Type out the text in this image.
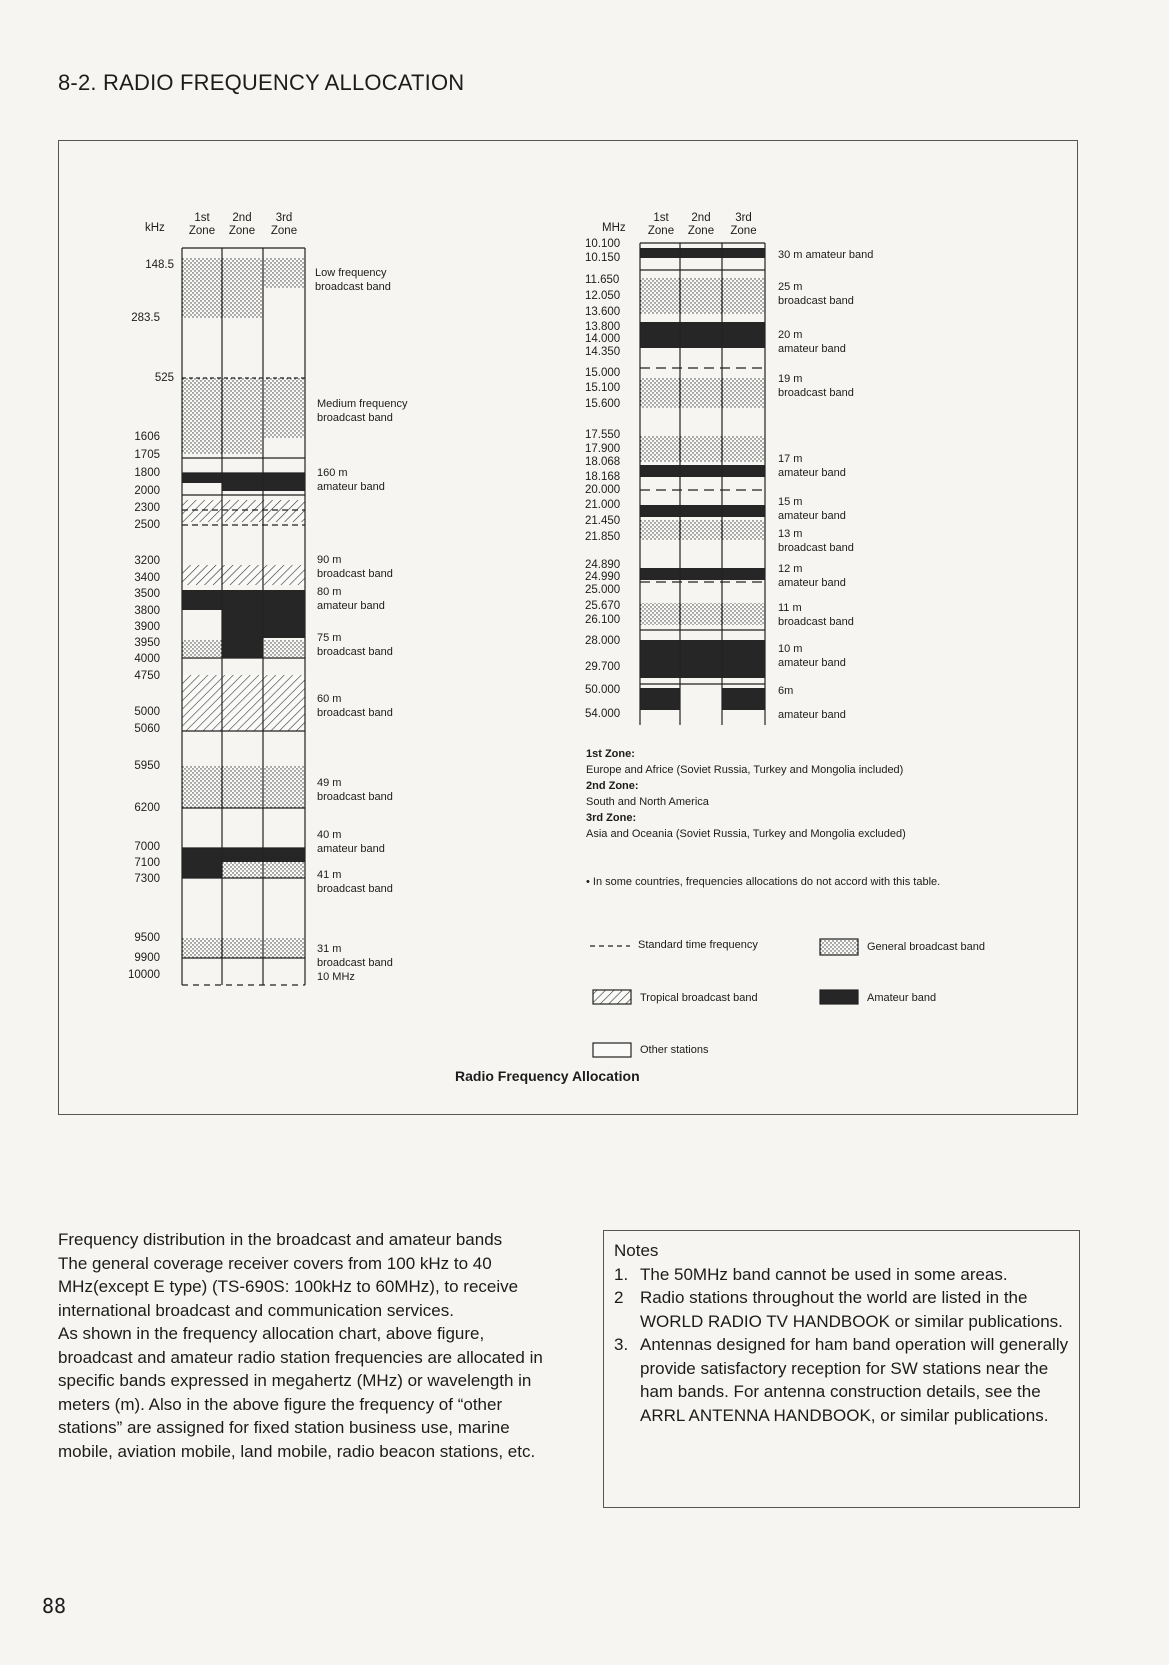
8-2. RADIO FREQUENCY ALLOCATION
kHz
1st
Zone
2nd
Zone
3rd
Zone
148.5
283.5
525
1606
1705
1800
2000
2300
2500
3200
3400
3500
3800
3900
3950
4000
4750
5000
5060
5950
6200
7000
7100
7300
9500
9900
10000
Low frequency
broadcast band
Medium frequency
broadcast band
160 m
amateur band
90 m
broadcast band
80 m
amateur band
75 m
broadcast band
60 m
broadcast band
49 m
broadcast band
40 m
amateur band
41 m
broadcast band
31 m
broadcast band
10 MHz
MHz
1st
Zone
2nd
Zone
3rd
Zone
10.100
10.150
11.650
12.050
13.600
13.800
14.000
14.350
15.000
15.100
15.600
17.550
17.900
18.068
18.168
20.000
21.000
21.450
21.850
24.890
24.990
25.000
25.670
26.100
28.000
29.700
50.000
54.000
30 m amateur band
25 m
broadcast band
20 m
amateur band
19 m
broadcast band
17 m
amateur band
15 m
amateur band
13 m
broadcast band
12 m
amateur band
11 m
broadcast band
10 m
amateur band
6m
amateur band
1st Zone:
Europe and Africe (Soviet Russia, Turkey and Mongolia included)
2nd Zone:
South and North America
3rd Zone:
Asia and Oceania (Soviet Russia, Turkey and Mongolia excluded)
• In some countries, frequencies allocations do not accord with this table.
Standard time frequency	General broadcast band
Tropical broadcast band	Amateur band
Other stations
Radio Frequency Allocation

Frequency distribution in the broadcast and amateur bands

The general coverage receiver covers from 100 kHz to 40 MHz(except E type) (TS-690S: 100kHz to 60MHz), to receive international broadcast and communication services.

As shown in the frequency allocation chart, above figure, broadcast and amateur radio station frequencies are allocated in specific bands expressed in megahertz (MHz) or wavelength in meters (m). Also in the above figure the frequency of “other stations” are assigned for fixed station business use, marine mobile, aviation mobile, land mobile, radio beacon stations, etc.

Notes
1. The 50MHz band cannot be used in some areas.
2 Radio stations throughout the world are listed in the WORLD RADIO TV HANDBOOK or similar publications.
3. Antennas designed for ham band operation will generally provide satisfactory reception for SW stations near the ham bands. For antenna construction details, see the ARRL ANTENNA HANDBOOK, or similar publications.
88
